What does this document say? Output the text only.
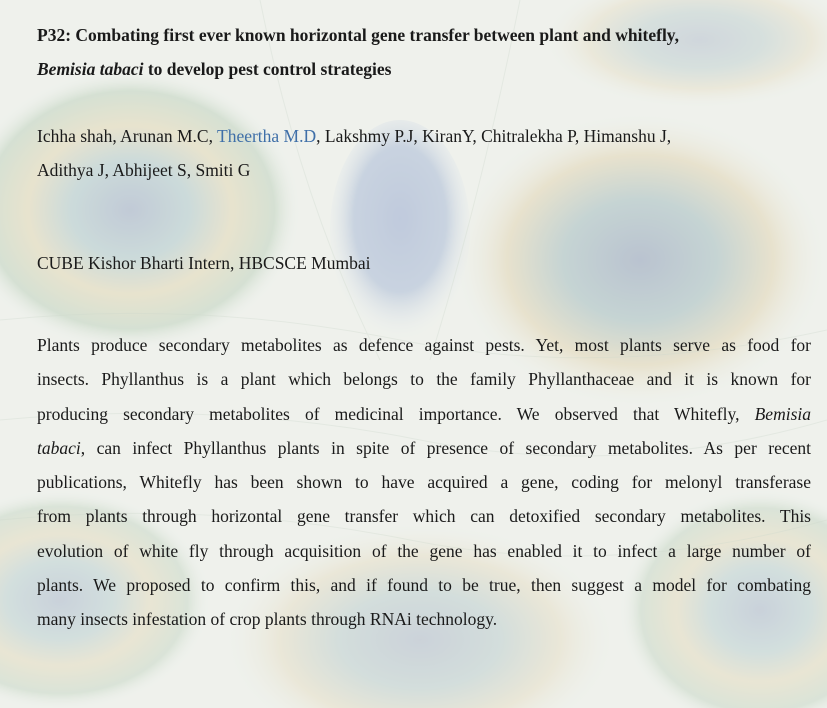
P32: Combating first ever known horizontal gene transfer between plant and whitefly,
Bemisia tabaci to develop pest control strategies
Ichha shah, Arunan M.C, Theertha M.D, Lakshmy P.J, KiranY, Chitralekha P, Himanshu J,
Adithya J, Abhijeet S, Smiti G
CUBE Kishor Bharti Intern, HBCSCE Mumbai
Plants produce secondary metabolites as defence against pests. Yet, most plants serve as food for
insects. Phyllanthus is a plant which belongs to the family Phyllanthaceae and it is known for
producing secondary metabolites of medicinal importance. We observed that Whitefly, Bemisia
tabaci, can infect Phyllanthus plants in spite of presence of secondary metabolites. As per recent
publications, Whitefly has been shown to have acquired a gene, coding for melonyl transferase
from plants through horizontal gene transfer which can detoxified secondary metabolites. This
evolution of white fly through acquisition of the gene has enabled it to infect a large number of
plants. We proposed to confirm this, and if found to be true, then suggest a model for combating
many insects infestation of crop plants through RNAi technology.
